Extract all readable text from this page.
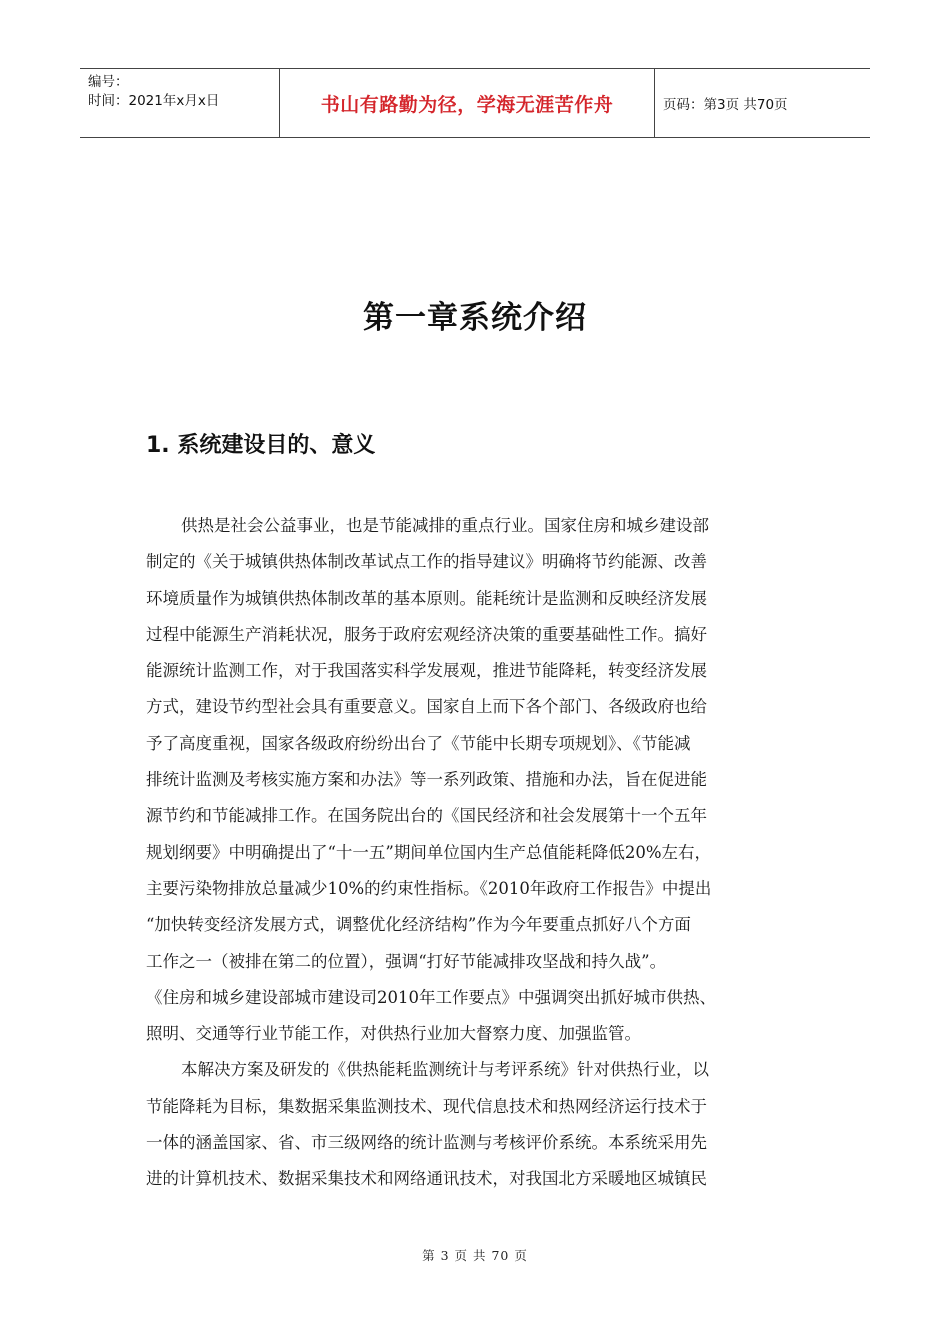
编号：
时间：2021年x月x日	书山有路勤为径，学海无涯苦作舟	页码：第3页 共70页
第一章系统介绍
1. 系统建设目的、意义
供热是社会公益事业，也是节能减排的重点行业。国家住房和城乡建设部
制定的《关于城镇供热体制改革试点工作的指导建议》明确将节约能源、改善
环境质量作为城镇供热体制改革的基本原则。能耗统计是监测和反映经济发展
过程中能源生产消耗状况，服务于政府宏观经济决策的重要基础性工作。搞好
能源统计监测工作，对于我国落实科学发展观，推进节能降耗，转变经济发展
方式，建设节约型社会具有重要意义。国家自上而下各个部门、各级政府也给
予了高度重视，国家各级政府纷纷出台了《节能中长期专项规划》、《节能减
排统计监测及考核实施方案和办法》等一系列政策、措施和办法，旨在促进能
源节约和节能减排工作。在国务院出台的《国民经济和社会发展第十一个五年
规划纲要》中明确提出了“十一五”期间单位国内生产总值能耗降低20%左右，
主要污染物排放总量减少10%的约束性指标。《2010年政府工作报告》中提出
“加快转变经济发展方式，调整优化经济结构”作为今年要重点抓好八个方面
工作之一（被排在第二的位置），强调“打好节能减排攻坚战和持久战”。
《住房和城乡建设部城市建设司2010年工作要点》中强调突出抓好城市供热、
照明、交通等行业节能工作，对供热行业加大督察力度、加强监管。
本解决方案及研发的《供热能耗监测统计与考评系统》针对供热行业，以
节能降耗为目标，集数据采集监测技术、现代信息技术和热网经济运行技术于
一体的涵盖国家、省、市三级网络的统计监测与考核评价系统。本系统采用先
进的计算机技术、数据采集技术和网络通讯技术，对我国北方采暖地区城镇民
第 3 页 共 70 页
